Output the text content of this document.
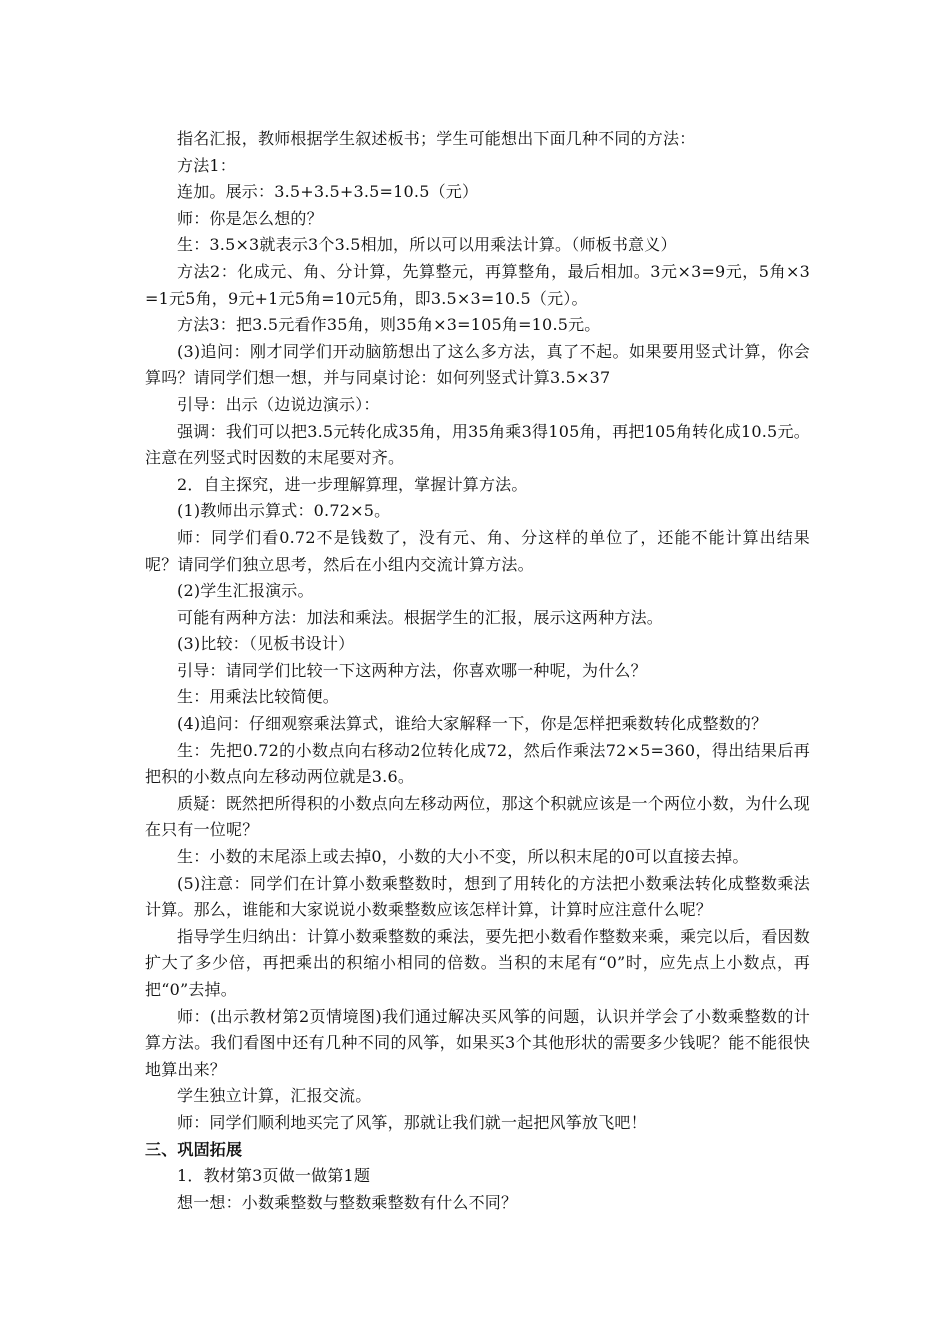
指名汇报，教师根据学生叙述板书；学生可能想出下面几种不同的方法：

方法1：

连加。展示：3.5+3.5+3.5=10.5（元）

师：你是怎么想的？

生：3.5×3就表示3个3.5相加，所以可以用乘法计算。（师板书意义）

方法2：化成元、角、分计算，先算整元，再算整角，最后相加。3元×3=9元，5角×3=1元5角，9元+1元5角=10元5角，即3.5×3=10.5（元）。

方法3：把3.5元看作35角，则35角×3=105角=10.5元。

(3)追问：刚才同学们开动脑筋想出了这么多方法，真了不起。如果要用竖式计算，你会算吗？请同学们想一想，并与同桌讨论：如何列竖式计算3.5×37

引导：出示（边说边演示）：

强调：我们可以把3.5元转化成35角，用35角乘3得105角，再把105角转化成10.5元。注意在列竖式时因数的末尾要对齐。

2．自主探究，进一步理解算理，掌握计算方法。

(1)教师出示算式：0.72×5。

师：同学们看0.72不是钱数了，没有元、角、分这样的单位了，还能不能计算出结果呢？请同学们独立思考，然后在小组内交流计算方法。

(2)学生汇报演示。

可能有两种方法：加法和乘法。根据学生的汇报，展示这两种方法。

(3)比较：（见板书设计）

引导：请同学们比较一下这两种方法，你喜欢哪一种呢，为什么？

生：用乘法比较简便。

(4)追问：仔细观察乘法算式，谁给大家解释一下，你是怎样把乘数转化成整数的？

生：先把0.72的小数点向右移动2位转化成72，然后作乘法72×5=360，得出结果后再把积的小数点向左移动两位就是3.6。

质疑：既然把所得积的小数点向左移动两位，那这个积就应该是一个两位小数，为什么现在只有一位呢？

生：小数的末尾添上或去掉0，小数的大小不变，所以积末尾的0可以直接去掉。

(5)注意：同学们在计算小数乘整数时，想到了用转化的方法把小数乘法转化成整数乘法计算。那么，谁能和大家说说小数乘整数应该怎样计算，计算时应注意什么呢？

指导学生归纳出：计算小数乘整数的乘法，要先把小数看作整数来乘，乘完以后，看因数扩大了多少倍，再把乘出的积缩小相同的倍数。当积的末尾有“0”时，应先点上小数点，再把“0”去掉。

师：(出示教材第2页情境图)我们通过解决买风筝的问题，认识并学会了小数乘整数的计算方法。我们看图中还有几种不同的风筝，如果买3个其他形状的需要多少钱呢？能不能很快地算出来？

学生独立计算，汇报交流。

师：同学们顺利地买完了风筝，那就让我们就一起把风筝放飞吧！

三、巩固拓展

1．教材第3页做一做第1题

想一想：小数乘整数与整数乘整数有什么不同？
